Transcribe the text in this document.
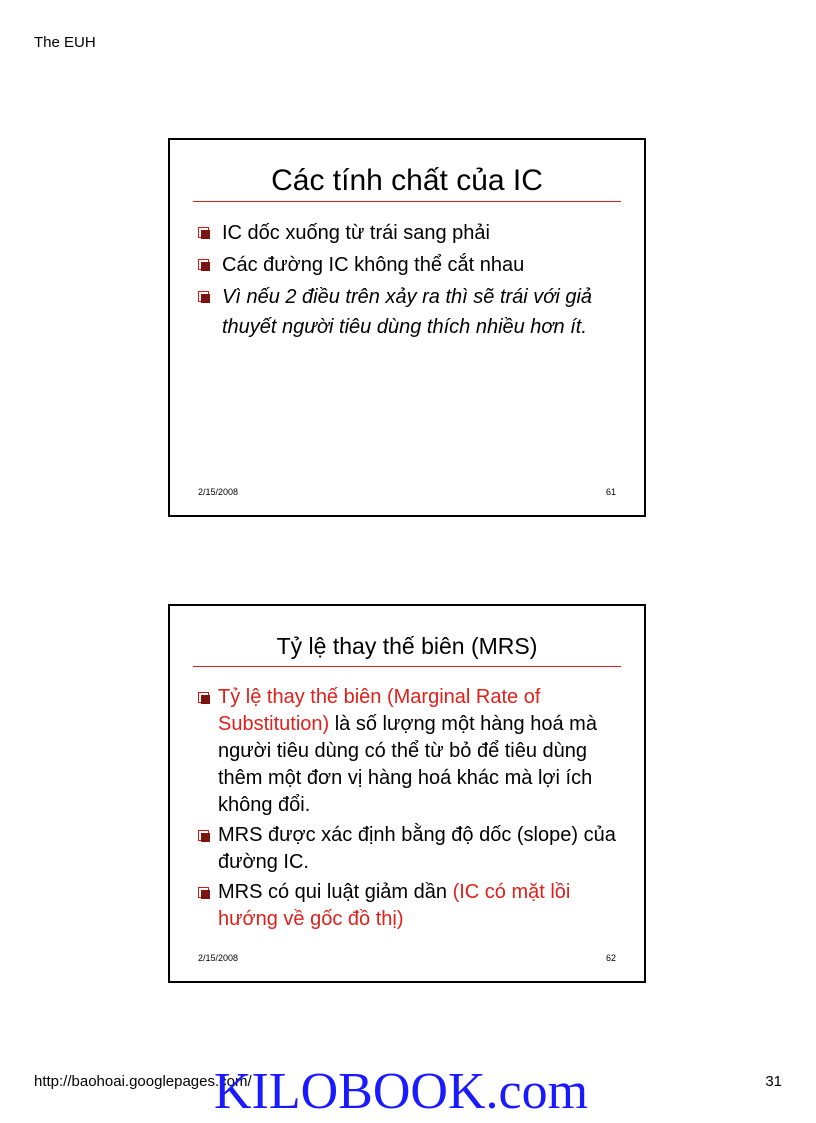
The EUH
Các tính chất của IC
IC dốc xuống từ trái sang phải
Các đường IC không thể cắt nhau
Vì nếu 2 điều trên xảy ra thì sẽ trái với giả thuyết người tiêu dùng thích nhiều hơn ít.
2/15/2008	61
Tỷ lệ thay thế biên (MRS)
Tỷ lệ thay thế biên (Marginal Rate of Substitution) là số lượng một hàng hoá mà người tiêu dùng có thể từ bỏ để tiêu dùng thêm một đơn vị hàng hoá khác mà lợi ích không đổi.
MRS được xác định bằng độ dốc (slope) của đường IC.
MRS có qui luật giảm dần (IC có mặt lồi hướng về gốc đồ thị)
2/15/2008	62
http://baohoai.googlepages.com/	31
KILOBOOK.com
